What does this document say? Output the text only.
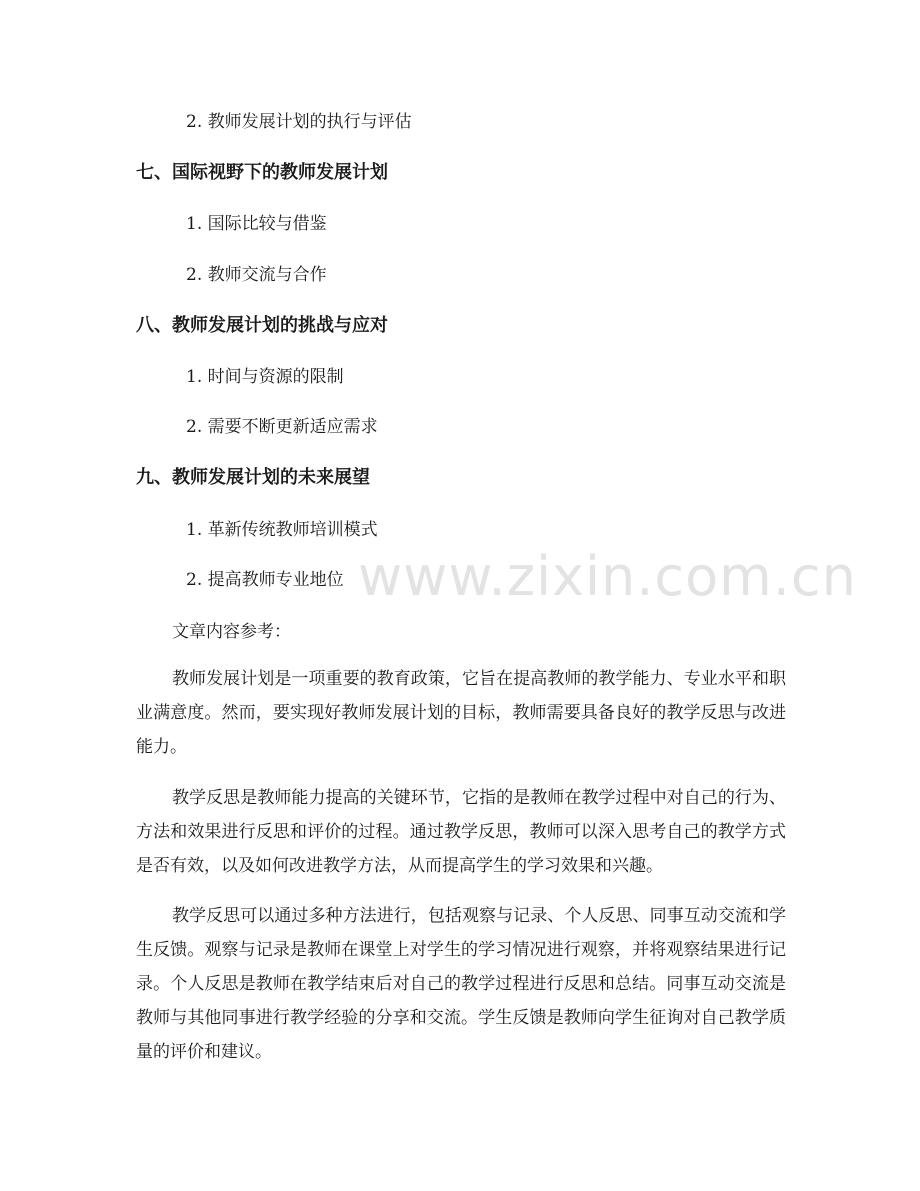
2. 教师发展计划的执行与评估
七、国际视野下的教师发展计划
1. 国际比较与借鉴
2. 教师交流与合作
八、教师发展计划的挑战与应对
1. 时间与资源的限制
2. 需要不断更新适应需求
九、教师发展计划的未来展望
1. 革新传统教师培训模式
2. 提高教师专业地位 www.zixin.com.cn
文章内容参考：
教师发展计划是一项重要的教育政策，它旨在提高教师的教学能力、专业水平和职业满意度。然而，要实现好教师发展计划的目标，教师需要具备良好的教学反思与改进能力。
教学反思是教师能力提高的关键环节，它指的是教师在教学过程中对自己的行为、方法和效果进行反思和评价的过程。通过教学反思，教师可以深入思考自己的教学方式是否有效，以及如何改进教学方法，从而提高学生的学习效果和兴趣。
教学反思可以通过多种方法进行，包括观察与记录、个人反思、同事互动交流和学生反馈。观察与记录是教师在课堂上对学生的学习情况进行观察，并将观察结果进行记录。个人反思是教师在教学结束后对自己的教学过程进行反思和总结。同事互动交流是教师与其他同事进行教学经验的分享和交流。学生反馈是教师向学生征询对自己教学质量的评价和建议。
